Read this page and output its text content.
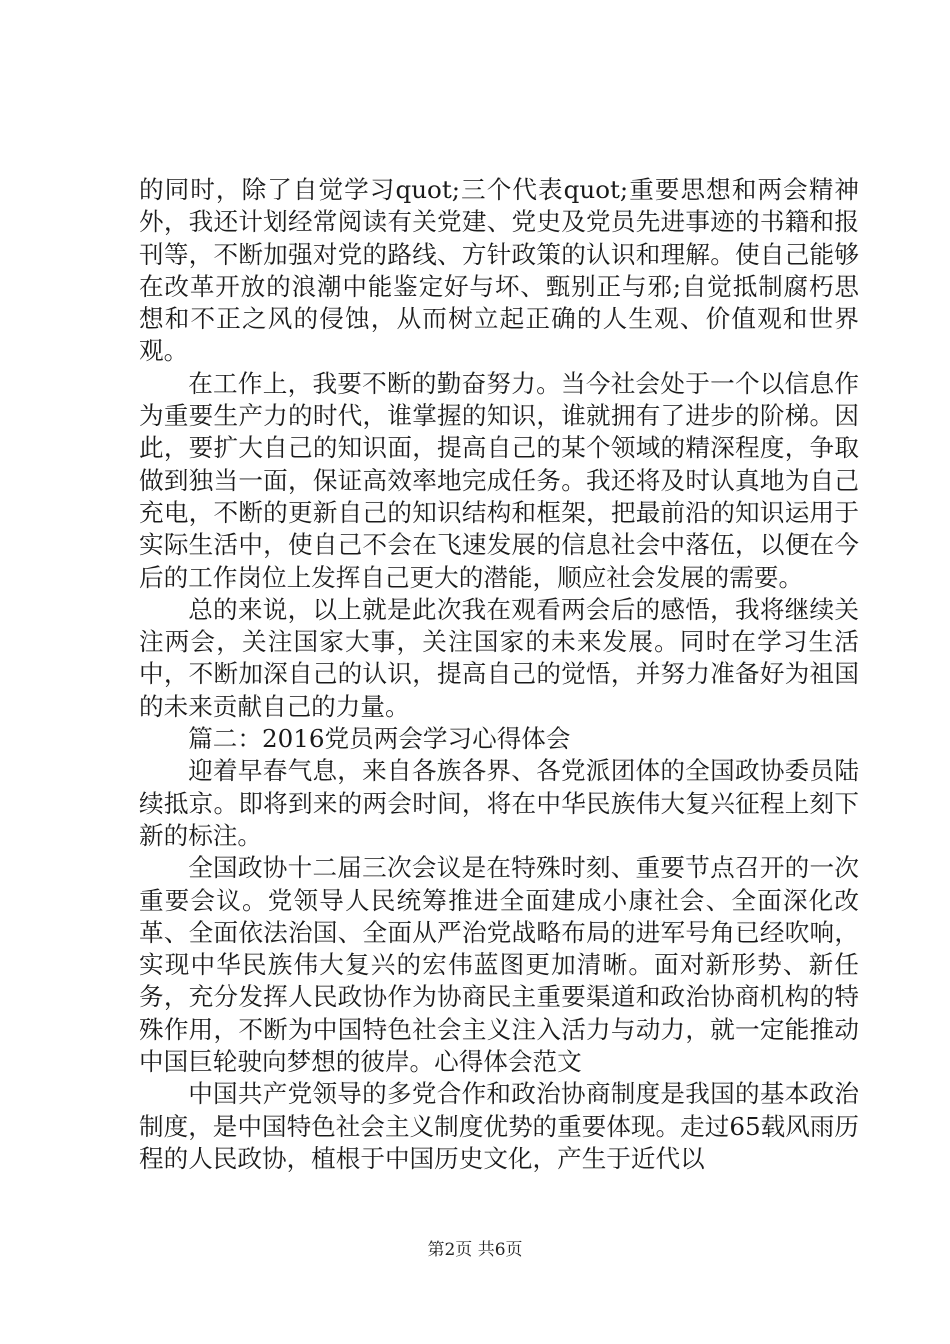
的同时，除了自觉学习quot;三个代表quot;重要思想和两会精神外，我还计划经常阅读有关党建、党史及党员先进事迹的书籍和报刊等，不断加强对党的路线、方针政策的认识和理解。使自己能够在改革开放的浪潮中能鉴定好与坏、甄别正与邪;自觉抵制腐朽思想和不正之风的侵蚀，从而树立起正确的人生观、价值观和世界观。

在工作上，我要不断的勤奋努力。当今社会处于一个以信息作为重要生产力的时代，谁掌握的知识，谁就拥有了进步的阶梯。因此，要扩大自己的知识面，提高自己的某个领域的精深程度，争取做到独当一面，保证高效率地完成任务。我还将及时认真地为自己充电，不断的更新自己的知识结构和框架，把最前沿的知识运用于实际生活中，使自己不会在飞速发展的信息社会中落伍，以便在今后的工作岗位上发挥自己更大的潜能，顺应社会发展的需要。

总的来说，以上就是此次我在观看两会后的感悟，我将继续关注两会，关注国家大事，关注国家的未来发展。同时在学习生活中，不断加深自己的认识，提高自己的觉悟，并努力准备好为祖国的未来贡献自己的力量。

篇二：2016党员两会学习心得体会

迎着早春气息，来自各族各界、各党派团体的全国政协委员陆续抵京。即将到来的两会时间，将在中华民族伟大复兴征程上刻下新的标注。

全国政协十二届三次会议是在特殊时刻、重要节点召开的一次重要会议。党领导人民统筹推进全面建成小康社会、全面深化改革、全面依法治国、全面从严治党战略布局的进军号角已经吹响，实现中华民族伟大复兴的宏伟蓝图更加清晰。面对新形势、新任务，充分发挥人民政协作为协商民主重要渠道和政治协商机构的特殊作用，不断为中国特色社会主义注入活力与动力，就一定能推动中国巨轮驶向梦想的彼岸。心得体会范文

中国共产党领导的多党合作和政治协商制度是我国的基本政治制度，是中国特色社会主义制度优势的重要体现。走过65载风雨历程的人民政协，植根于中国历史文化，产生于近代以

第2页 共6页
